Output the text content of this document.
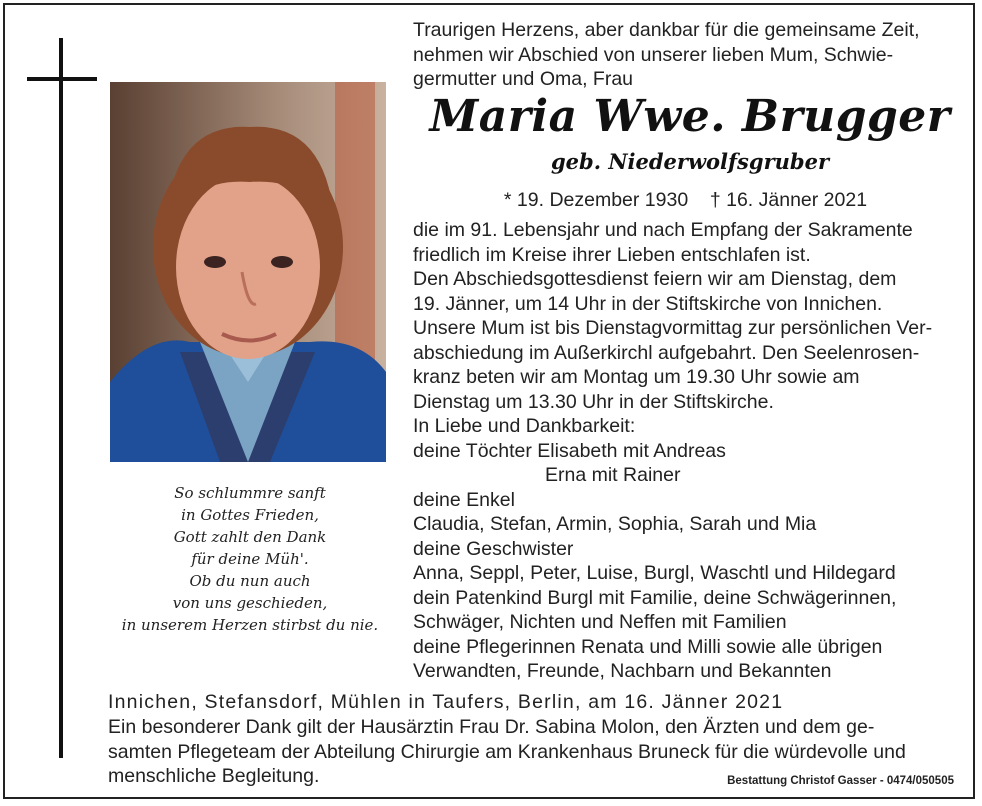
So schlummre sanft
in Gottes Frieden,
Gott zahlt den Dank
für deine Müh'.
Ob du nun auch
von uns geschieden,
in unserem Herzen stirbst du nie.
Traurigen Herzens, aber dankbar für die gemeinsame Zeit,
nehmen wir Abschied von unserer lieben Mum, Schwie-
germutter und Oma, Frau
Maria Wwe. Brugger
geb. Niederwolfsgruber
* 19. Dezember 1930    † 16. Jänner 2021
die im 91. Lebensjahr und nach Empfang der Sakramente
friedlich im Kreise ihrer Lieben entschlafen ist.
Den Abschiedsgottesdienst feiern wir am Dienstag, dem
19. Jänner, um 14 Uhr in der Stiftskirche von Innichen.
Unsere Mum ist bis Dienstagvormittag zur persönlichen Ver-
abschiedung im Außerkirchl aufgebahrt. Den Seelenrosen-
kranz beten wir am Montag um 19.30 Uhr sowie am
Dienstag um 13.30 Uhr in der Stiftskirche.
In Liebe und Dankbarkeit:
deine Töchter Elisabeth mit Andreas
Erna mit Rainer
deine Enkel
Claudia, Stefan, Armin, Sophia, Sarah und Mia
deine Geschwister
Anna, Seppl, Peter, Luise, Burgl, Waschtl und Hildegard
dein Patenkind Burgl mit Familie, deine Schwägerinnen,
Schwäger, Nichten und Neffen mit Familien
deine Pflegerinnen Renata und Milli sowie alle übrigen
Verwandten, Freunde, Nachbarn und Bekannten
Innichen, Stefansdorf, Mühlen in Taufers, Berlin, am 16. Jänner 2021
Ein besonderer Dank gilt der Hausärztin Frau Dr. Sabina Molon, den Ärzten und dem ge-
samten Pflegeteam der Abteilung Chirurgie am Krankenhaus Bruneck für die würdevolle und
menschliche Begleitung.	Bestattung Christof Gasser - 0474/050505
